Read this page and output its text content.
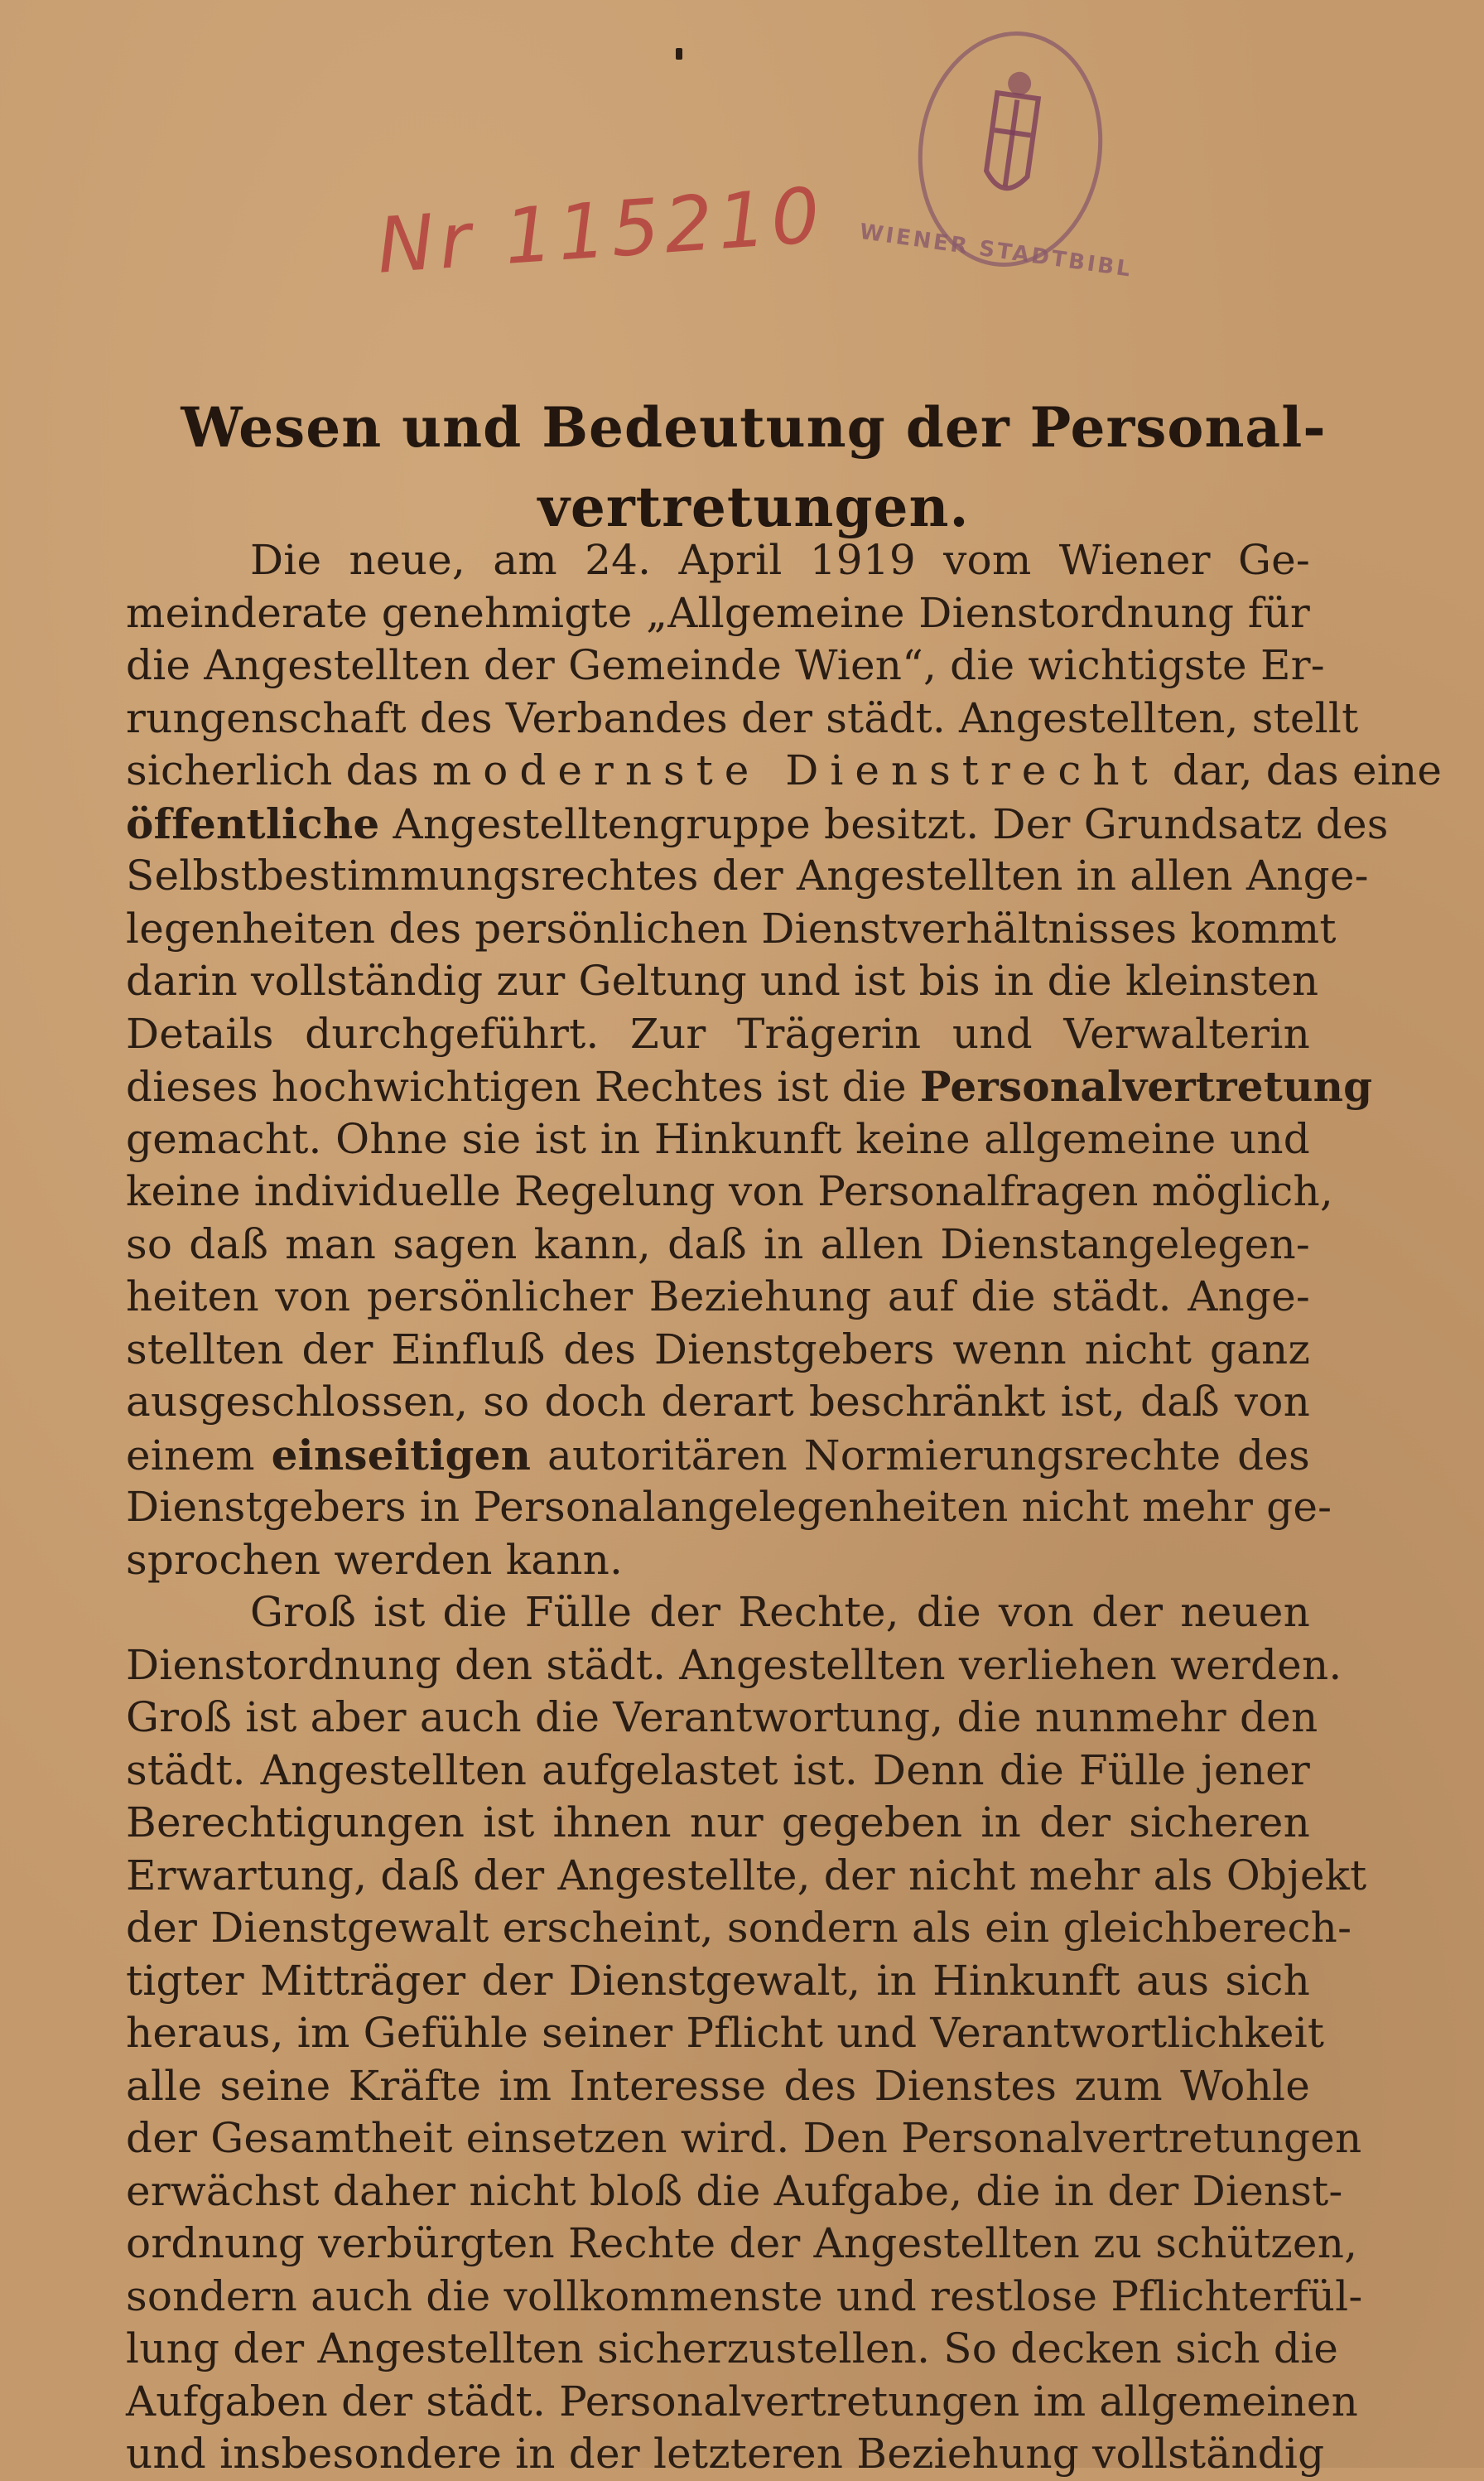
Nr 115210 WIENER STADTBIBL
Wesen und Bedeutung der Personal-
vertretungen.
Die neue, am 24. April 1919 vom Wiener Ge-
meinderate genehmigte „Allgemeine Dienstordnung für
die Angestellten der Gemeinde Wien“, die wichtigste Er-
rungenschaft des Verbandes der städt. Angestellten, stellt
sicherlich das modernste Dienstrecht dar, das eine
öffentliche Angestelltengruppe besitzt. Der Grundsatz des
Selbstbestimmungsrechtes der Angestellten in allen Ange-
legenheiten des persönlichen Dienstverhältnisses kommt
darin vollständig zur Geltung und ist bis in die kleinsten
Details durchgeführt. Zur Trägerin und Verwalterin
dieses hochwichtigen Rechtes ist die Personalvertretung
gemacht. Ohne sie ist in Hinkunft keine allgemeine und
keine individuelle Regelung von Personalfragen möglich,
so daß man sagen kann, daß in allen Dienstangelegen-
heiten von persönlicher Beziehung auf die städt. Ange-
stellten der Einfluß des Dienstgebers wenn nicht ganz
ausgeschlossen, so doch derart beschränkt ist, daß von
einem einseitigen autoritären Normierungsrechte des
Dienstgebers in Personalangelegenheiten nicht mehr ge-
sprochen werden kann.
Groß ist die Fülle der Rechte, die von der neuen
Dienstordnung den städt. Angestellten verliehen werden.
Groß ist aber auch die Verantwortung, die nunmehr den
städt. Angestellten aufgelastet ist. Denn die Fülle jener
Berechtigungen ist ihnen nur gegeben in der sicheren
Erwartung, daß der Angestellte, der nicht mehr als Objekt
der Dienstgewalt erscheint, sondern als ein gleichberech-
tigter Mitträger der Dienstgewalt, in Hinkunft aus sich
heraus, im Gefühle seiner Pflicht und Verantwortlichkeit
alle seine Kräfte im Interesse des Dienstes zum Wohle
der Gesamtheit einsetzen wird. Den Personalvertretungen
erwächst daher nicht bloß die Aufgabe, die in der Dienst-
ordnung verbürgten Rechte der Angestellten zu schützen,
sondern auch die vollkommenste und restlose Pflichterfül-
lung der Angestellten sicherzustellen. So decken sich die
Aufgaben der städt. Personalvertretungen im allgemeinen
und insbesondere in der letzteren Beziehung vollständig
